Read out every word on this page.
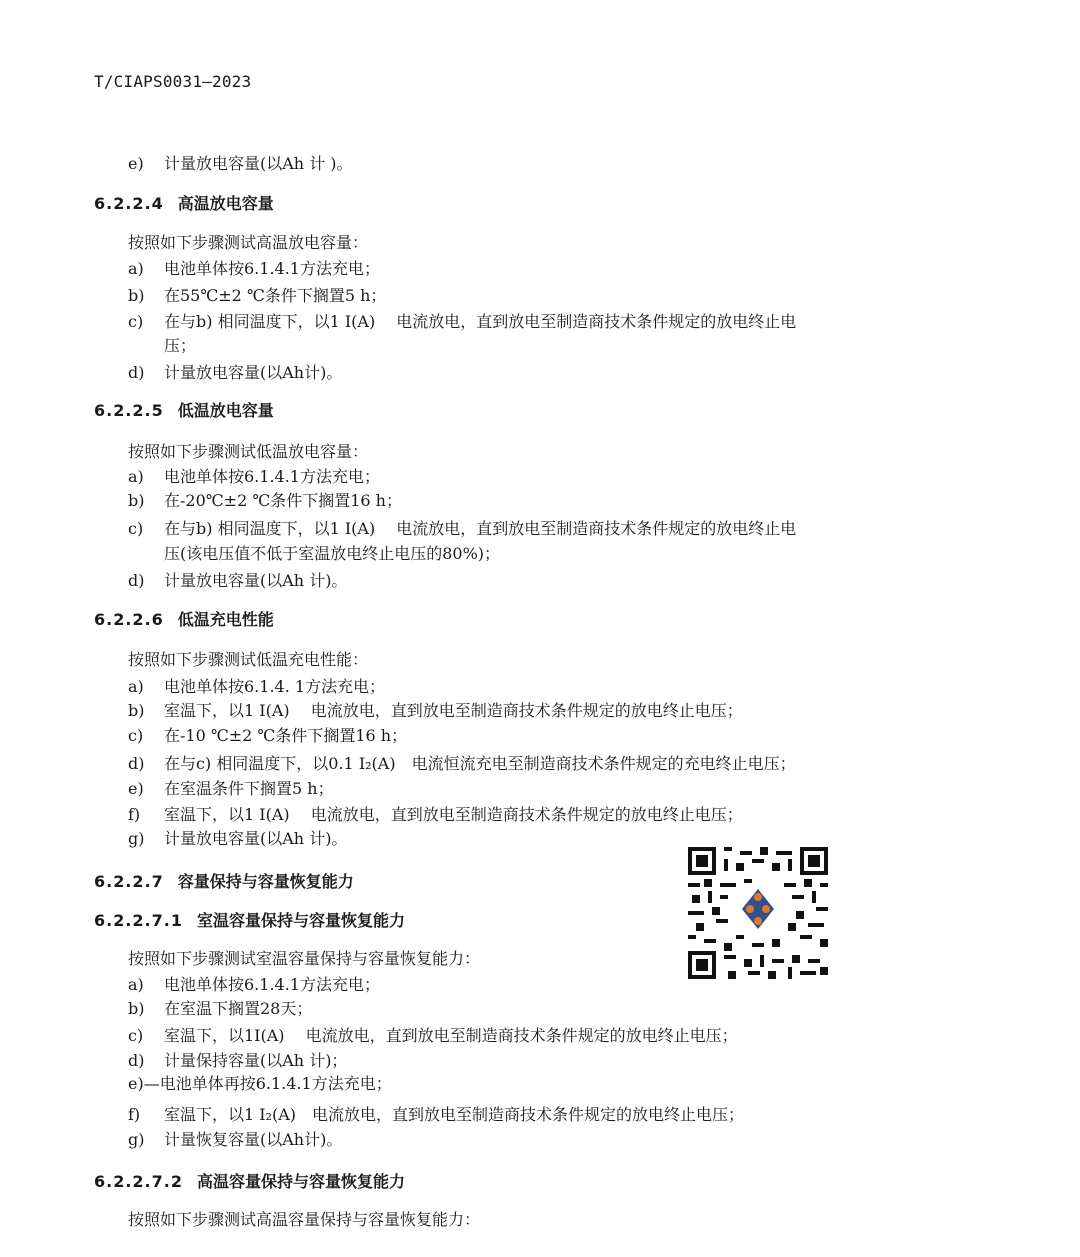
T/CIAPS0031—2023
e) 计量放电容量(以Ah 计 )。
6.2.2.4 高温放电容量
按照如下步骤测试高温放电容量：
a) 电池单体按6.1.4.1方法充电；
b) 在55℃±2 ℃条件下搁置5 h；
c) 在与b) 相同温度下，以1 I(A)　 电流放电，直到放电至制造商技术条件规定的放电终止电
压；
d) 计量放电容量(以Ah计)。
6.2.2.5 低温放电容量
按照如下步骤测试低温放电容量：
a) 电池单体按6.1.4.1方法充电；
b) 在-20℃±2 ℃条件下搁置16 h；
c) 在与b) 相同温度下，以1 I(A)　 电流放电，直到放电至制造商技术条件规定的放电终止电
压(该电压值不低于室温放电终止电压的80%)；
d) 计量放电容量(以Ah 计)。
6.2.2.6 低温充电性能
按照如下步骤测试低温充电性能：
a) 电池单体按6.1.4. 1方法充电；
b) 室温下，以1 I(A)　 电流放电，直到放电至制造商技术条件规定的放电终止电压；
c) 在-10 ℃±2 ℃条件下搁置16 h；
d) 在与c) 相同温度下，以0.1 I₂(A)　电流恒流充电至制造商技术条件规定的充电终止电压；
e) 在室温条件下搁置5 h；
f) 室温下，以1 I(A)　 电流放电，直到放电至制造商技术条件规定的放电终止电压；
g) 计量放电容量(以Ah 计)。
6.2.2.7 容量保持与容量恢复能力
6.2.2.7.1 室温容量保持与容量恢复能力
按照如下步骤测试室温容量保持与容量恢复能力：
a) 电池单体按6.1.4.1方法充电；
b) 在室温下搁置28天；
c) 室温下，以1I(A)　 电流放电，直到放电至制造商技术条件规定的放电终止电压；
d) 计量保持容量(以Ah 计)；
e)—电池单体再按6.1.4.1方法充电；
f) 室温下，以1 I₂(A)　电流放电，直到放电至制造商技术条件规定的放电终止电压；
g) 计量恢复容量(以Ah计)。
6.2.2.7.2 高温容量保持与容量恢复能力
按照如下步骤测试高温容量保持与容量恢复能力：
